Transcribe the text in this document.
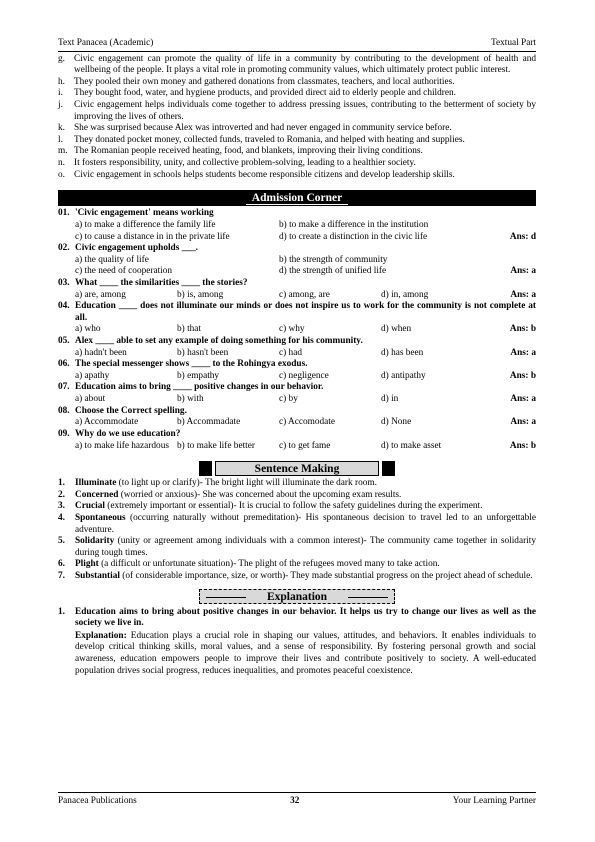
Text Panacea (Academic)	Textual Part
g. Civic engagement can promote the quality of life in a community by contributing to the development of health and wellbeing of the people. It plays a vital role in promoting community values, which ultimately protect public interest.
h. They pooled their own money and gathered donations from classmates, teachers, and local authorities.
i.	They bought food, water, and hygiene products, and provided direct aid to elderly people and children.
j.	Civic engagement helps individuals come together to address pressing issues, contributing to the betterment of society by improving the lives of others.
k. She was surprised because Alex was introverted and had never engaged in community service before.
l.	They donated pocket money, collected funds, traveled to Romania, and helped with heating and supplies.
m. The Romanian people received heating, food, and blankets, improving their living conditions.
n. It fosters responsibility, unity, and collective problem-solving, leading to a healthier society.
o. Civic engagement in schools helps students become responsible citizens and develop leadership skills.
Admission Corner
01. 'Civic engagement' means working
a) to make a difference the family life	b) to make a difference in the institution
c) to cause a distance in in the private life	d) to create a distinction in the civic life	Ans: d
02. Civic engagement upholds ___.
a) the quality of life	b) the strength of community
c) the need of cooperation	d) the strength of unified life	Ans: a
03. What ____ the similarities ____ the stories?
a) are, among	b) is, among	c) among, are	d) in, among	Ans: a
04. Education ____ does not illuminate our minds or does not inspire us to work for the community is not complete at all.
a) who	b) that	c) why	d) when	Ans: b
05. Alex ____ able to set any example of doing something for his community.
a) hadn't been	b) hasn't been	c) had	d) has been	Ans: a
06. The special messenger shows ____ to the Rohingya exodus.
a) apathy	b) empathy	c) negligence	d) antipathy	Ans: b
07. Education aims to bring ____ positive changes in our behavior.
a) about	b) with	c) by	d) in	Ans: a
08. Choose the Correct spelling.
a) Accommodate	b) Accommadate	c) Accomodate	d) None	Ans: a
09. Why do we use education?
a) to make life hazardous b) to make life better	c) to get fame	d) to make asset	Ans: b
Sentence Making
1.	Illuminate (to light up or clarify)- The bright light will illuminate the dark room.
2.	Concerned (worried or anxious)- She was concerned about the upcoming exam results.
3.	Crucial (extremely important or essential)- It is crucial to follow the safety guidelines during the experiment.
4.	Spontaneous (occurring naturally without premeditation)- His spontaneous decision to travel led to an unforgettable adventure.
5.	Solidarity (unity or agreement among individuals with a common interest)- The community came together in solidarity during tough times.
6.	Plight (a difficult or unfortunate situation)- The plight of the refugees moved many to take action.
7.	Substantial (of considerable importance, size, or worth)- They made substantial progress on the project ahead of schedule.
Explanation
1.	Education aims to bring about positive changes in our behavior. It helps us try to change our lives as well as the society we live in.
Explanation: Education plays a crucial role in shaping our values, attitudes, and behaviors. It enables individuals to develop critical thinking skills, moral values, and a sense of responsibility. By fostering personal growth and social awareness, education empowers people to improve their lives and contribute positively to society. A well-educated population drives social progress, reduces inequalities, and promotes peaceful coexistence.
Panacea Publications	32	Your Learning Partner
